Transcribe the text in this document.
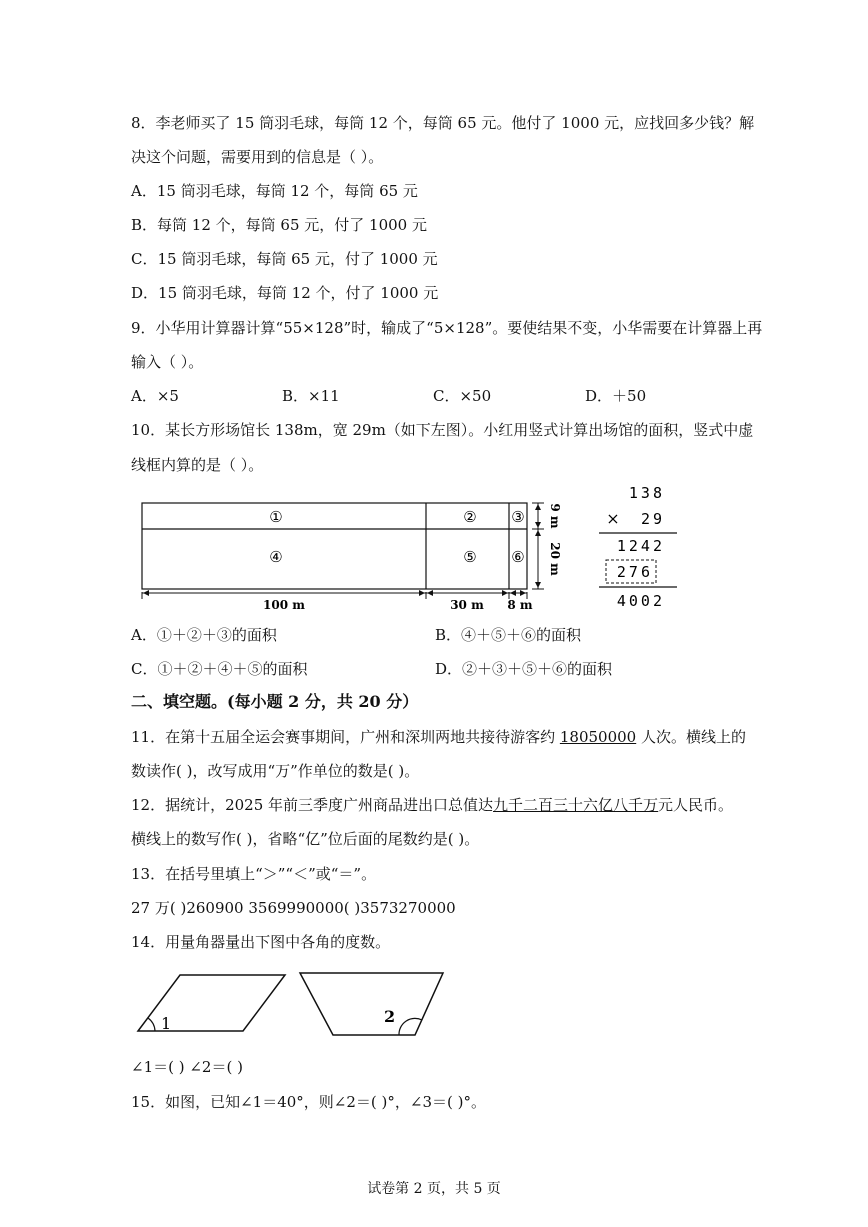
8．李老师买了 15 筒羽毛球，每筒 12 个，每筒 65 元。他付了 1000 元，应找回多少钱？解
决这个问题，需要用到的信息是（ ）。
A．15 筒羽毛球，每筒 12 个，每筒 65 元
B．每筒 12 个，每筒 65 元，付了 1000 元
C．15 筒羽毛球，每筒 65 元，付了 1000 元
D．15 筒羽毛球，每筒 12 个，付了 1000 元
9．小华用计算器计算“55×128”时，输成了“5×128”。要使结果不变，小华需要在计算器上再
输入（ ）。
A．×5	B．×11	C．×50	D．＋50
10．某长方形场馆长 138m，宽 29m（如下左图）。小红用竖式计算出场馆的面积，竖式中虚
线框内算的是（ ）。
①	② ③
④	⑤ ⑥
9 m
20 m
100 m	30 m 8 m
138
× 29
1242
276
4002
A．①＋②＋③的面积	B．④＋⑤＋⑥的面积
C．①＋②＋④＋⑤的面积	D．②＋③＋⑤＋⑥的面积
二、填空题。(每小题 2 分，共 20 分）
11．在第十五届全运会赛事期间，广州和深圳两地共接待游客约 18050000 人次。横线上的
数读作( )，改写成用“万”作单位的数是( )。
12．据统计，2025 年前三季度广州商品进出口总值达九千二百三十六亿八千万元人民币。
横线上的数写作( )，省略“亿”位后面的尾数约是( )。
13．在括号里填上“＞”“＜”或“＝”。
27 万( )260900 3569990000( )3573270000
14．用量角器量出下图中各角的度数。
1	2
∠1＝( ) ∠2＝( )
15．如图，已知∠1＝40°，则∠2＝( )°，∠3＝( )°。
试卷第 2 页，共 5 页
